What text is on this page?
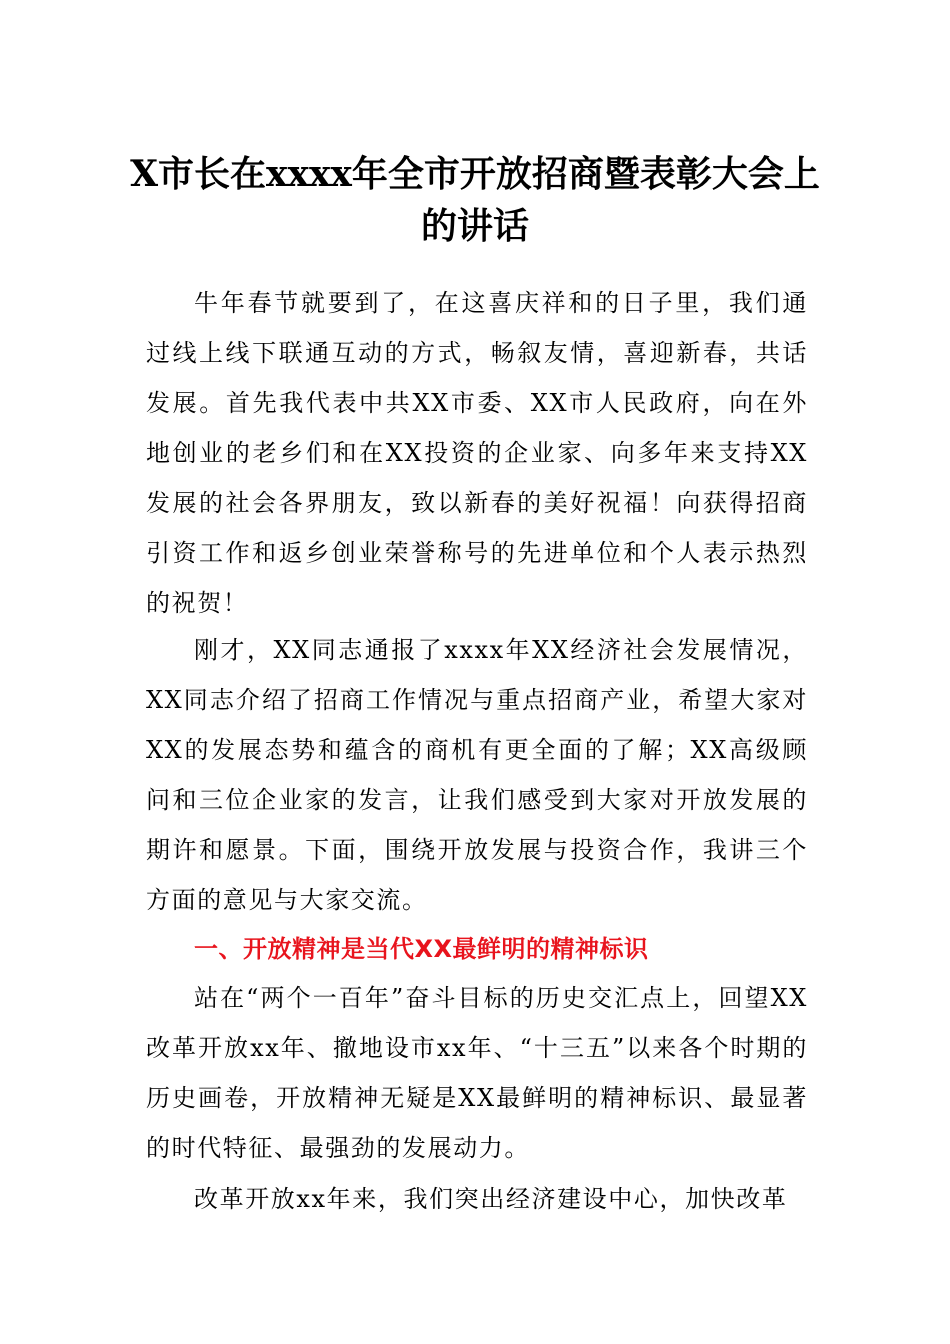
X市长在xxxx年全市开放招商暨表彰大会上的讲话

牛年春节就要到了，在这喜庆祥和的日子里，我们通过线上线下联通互动的方式，畅叙友情，喜迎新春，共话发展。首先我代表中共XX市委、XX市人民政府，向在外地创业的老乡们和在XX投资的企业家、向多年来支持XX发展的社会各界朋友，致以新春的美好祝福！向获得招商引资工作和返乡创业荣誉称号的先进单位和个人表示热烈的祝贺！

刚才，XX同志通报了xxxx年XX经济社会发展情况，XX同志介绍了招商工作情况与重点招商产业，希望大家对XX的发展态势和蕴含的商机有更全面的了解；XX高级顾问和三位企业家的发言，让我们感受到大家对开放发展的期许和愿景。下面，围绕开放发展与投资合作，我讲三个方面的意见与大家交流。

一、开放精神是当代XX最鲜明的精神标识

站在“两个一百年”奋斗目标的历史交汇点上，回望XX改革开放xx年、撤地设市xx年、“十三五”以来各个时期的历史画卷，开放精神无疑是XX最鲜明的精神标识、最显著的时代特征、最强劲的发展动力。

改革开放xx年来，我们突出经济建设中心，加快改革
